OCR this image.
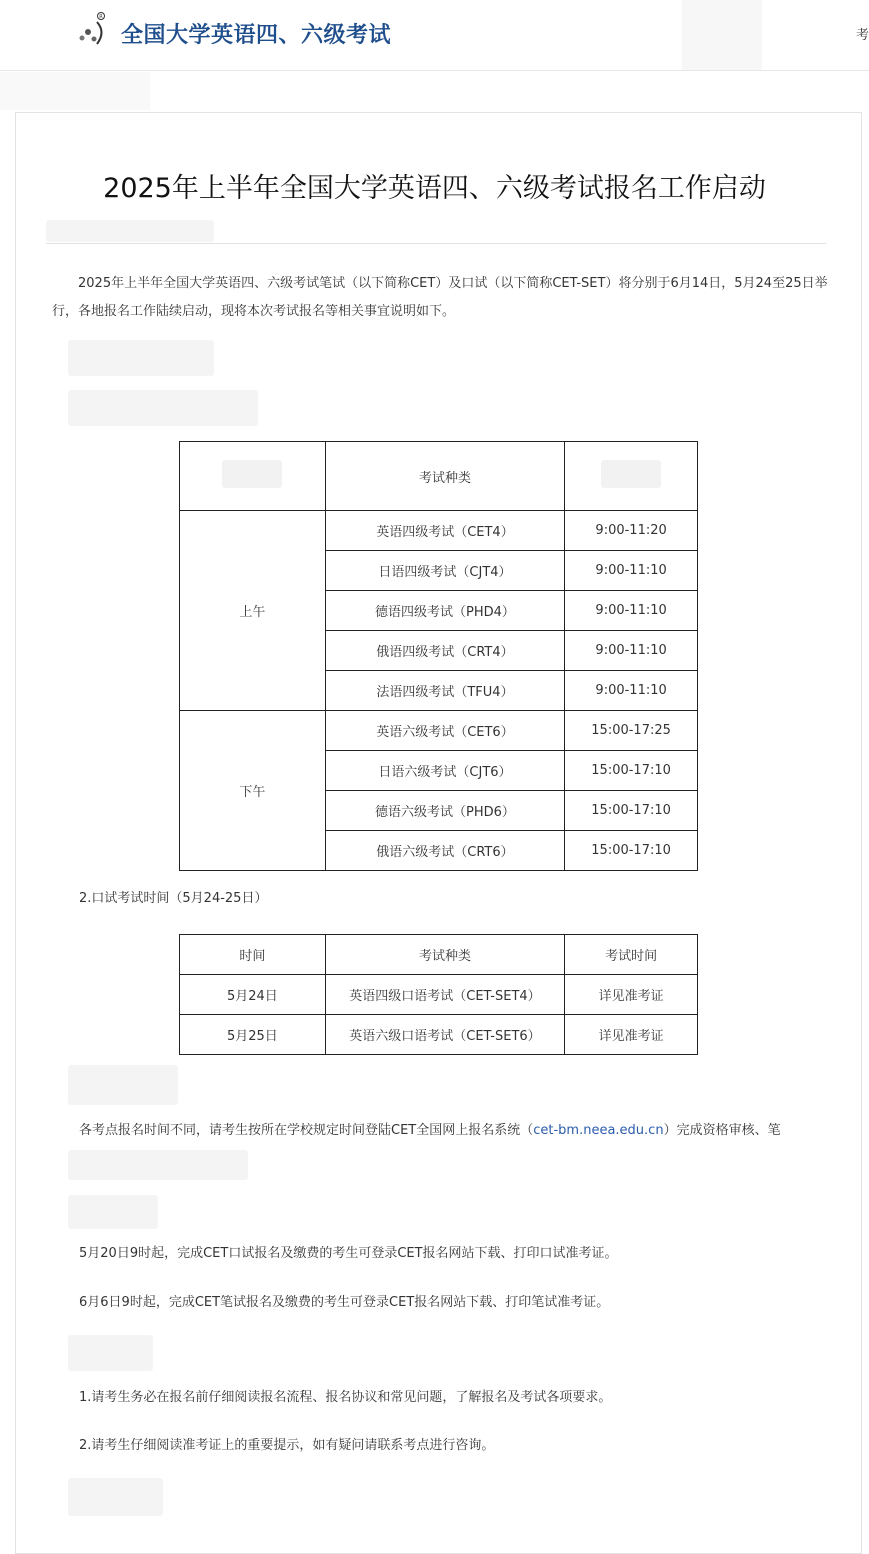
R
全国大学英语四、六级考试	考
2025年上半年全国大学英语四、六级考试报名工作启动
2025年上半年全国大学英语四、六级考试笔试（以下简称CET）及口试（以下简称CET-SET）将分别于6月14日，5月24至25日举行，各地报名工作陆续启动，现将本次考试报名等相关事宜说明如下。
	考试种类	
上午	英语四级考试（CET4）	9:00-11:20
	日语四级考试（CJT4）	9:00-11:10
	德语四级考试（PHD4）	9:00-11:10
	俄语四级考试（CRT4）	9:00-11:10
	法语四级考试（TFU4）	9:00-11:10
下午	英语六级考试（CET6）	15:00-17:25
	日语六级考试（CJT6）	15:00-17:10
	德语六级考试（PHD6）	15:00-17:10
	俄语六级考试（CRT6）	15:00-17:10
2.口试考试时间（5月24-25日）
时间	考试种类	考试时间
5月24日	英语四级口语考试（CET-SET4）	详见准考证
5月25日	英语六级口语考试（CET-SET6）	详见准考证
各考点报名时间不同，请考生按所在学校规定时间登陆CET全国网上报名系统（cet-bm.neea.edu.cn）完成资格审核、笔
5月20日9时起，完成CET口试报名及缴费的考生可登录CET报名网站下载、打印口试准考证。
6月6日9时起，完成CET笔试报名及缴费的考生可登录CET报名网站下载、打印笔试准考证。
1.请考生务必在报名前仔细阅读报名流程、报名协议和常见问题，了解报名及考试各项要求。
2.请考生仔细阅读准考证上的重要提示，如有疑问请联系考点进行咨询。
